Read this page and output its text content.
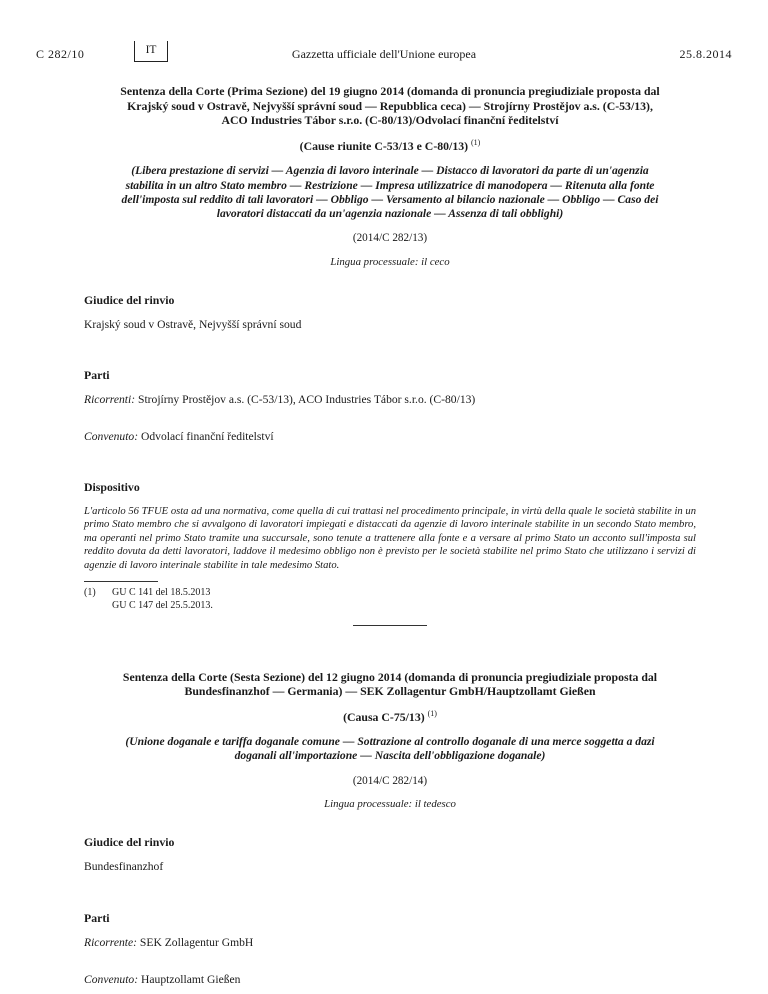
C 282/10	IT	Gazzetta ufficiale dell'Unione europea	25.8.2014
Sentenza della Corte (Prima Sezione) del 19 giugno 2014 (domanda di pronuncia pregiudiziale proposta dal Krajský soud v Ostravě, Nejvyšší správní soud — Repubblica ceca) — Strojírny Prostějov a.s. (C-53/13), ACO Industries Tábor s.r.o. (C-80/13)/Odvolací finanční ředitelství
(Cause riunite C-53/13 e C-80/13) $^{(1)}$
(Libera prestazione di servizi — Agenzia di lavoro interinale — Distacco di lavoratori da parte di un'agenzia stabilita in un altro Stato membro — Restrizione — Impresa utilizzatrice di manodopera — Ritenuta alla fonte dell'imposta sul reddito di tali lavoratori — Obbligo — Versamento al bilancio nazionale — Obbligo — Caso dei lavoratori distaccati da un'agenzia nazionale — Assenza di tali obblighi)
(2014/C 282/13)
Lingua processuale: il ceco
Giudice del rinvio
Krajský soud v Ostravě, Nejvyšší správní soud
Parti
Ricorrenti: Strojírny Prostějov a.s. (C-53/13), ACO Industries Tábor s.r.o. (C-80/13)
Convenuto: Odvolací finanční ředitelství
Dispositivo
L'articolo 56 TFUE osta ad una normativa, come quella di cui trattasi nel procedimento principale, in virtù della quale le società stabilite in un primo Stato membro che si avvalgono di lavoratori impiegati e distaccati da agenzie di lavoro interinale stabilite in un secondo Stato membro, ma operanti nel primo Stato tramite una succursale, sono tenute a trattenere alla fonte e a versare al primo Stato un acconto sull'imposta sul reddito dovuta da detti lavoratori, laddove il medesimo obbligo non è previsto per le società stabilite nel primo Stato che utilizzano i servizi di agenzie di lavoro interinale stabilite in tale medesimo Stato.
(1)	GU C 141 del 18.5.2013
GU C 147 del 25.5.2013.
Sentenza della Corte (Sesta Sezione) del 12 giugno 2014 (domanda di pronuncia pregiudiziale proposta dal Bundesfinanzhof — Germania) — SEK Zollagentur GmbH/Hauptzollamt Gießen
(Causa C-75/13) $^{(1)}$
(Unione doganale e tariffa doganale comune — Sottrazione al controllo doganale di una merce soggetta a dazi doganali all'importazione — Nascita dell'obbligazione doganale)
(2014/C 282/14)
Lingua processuale: il tedesco
Giudice del rinvio
Bundesfinanzhof
Parti
Ricorrente: SEK Zollagentur GmbH
Convenuto: Hauptzollamt Gießen
